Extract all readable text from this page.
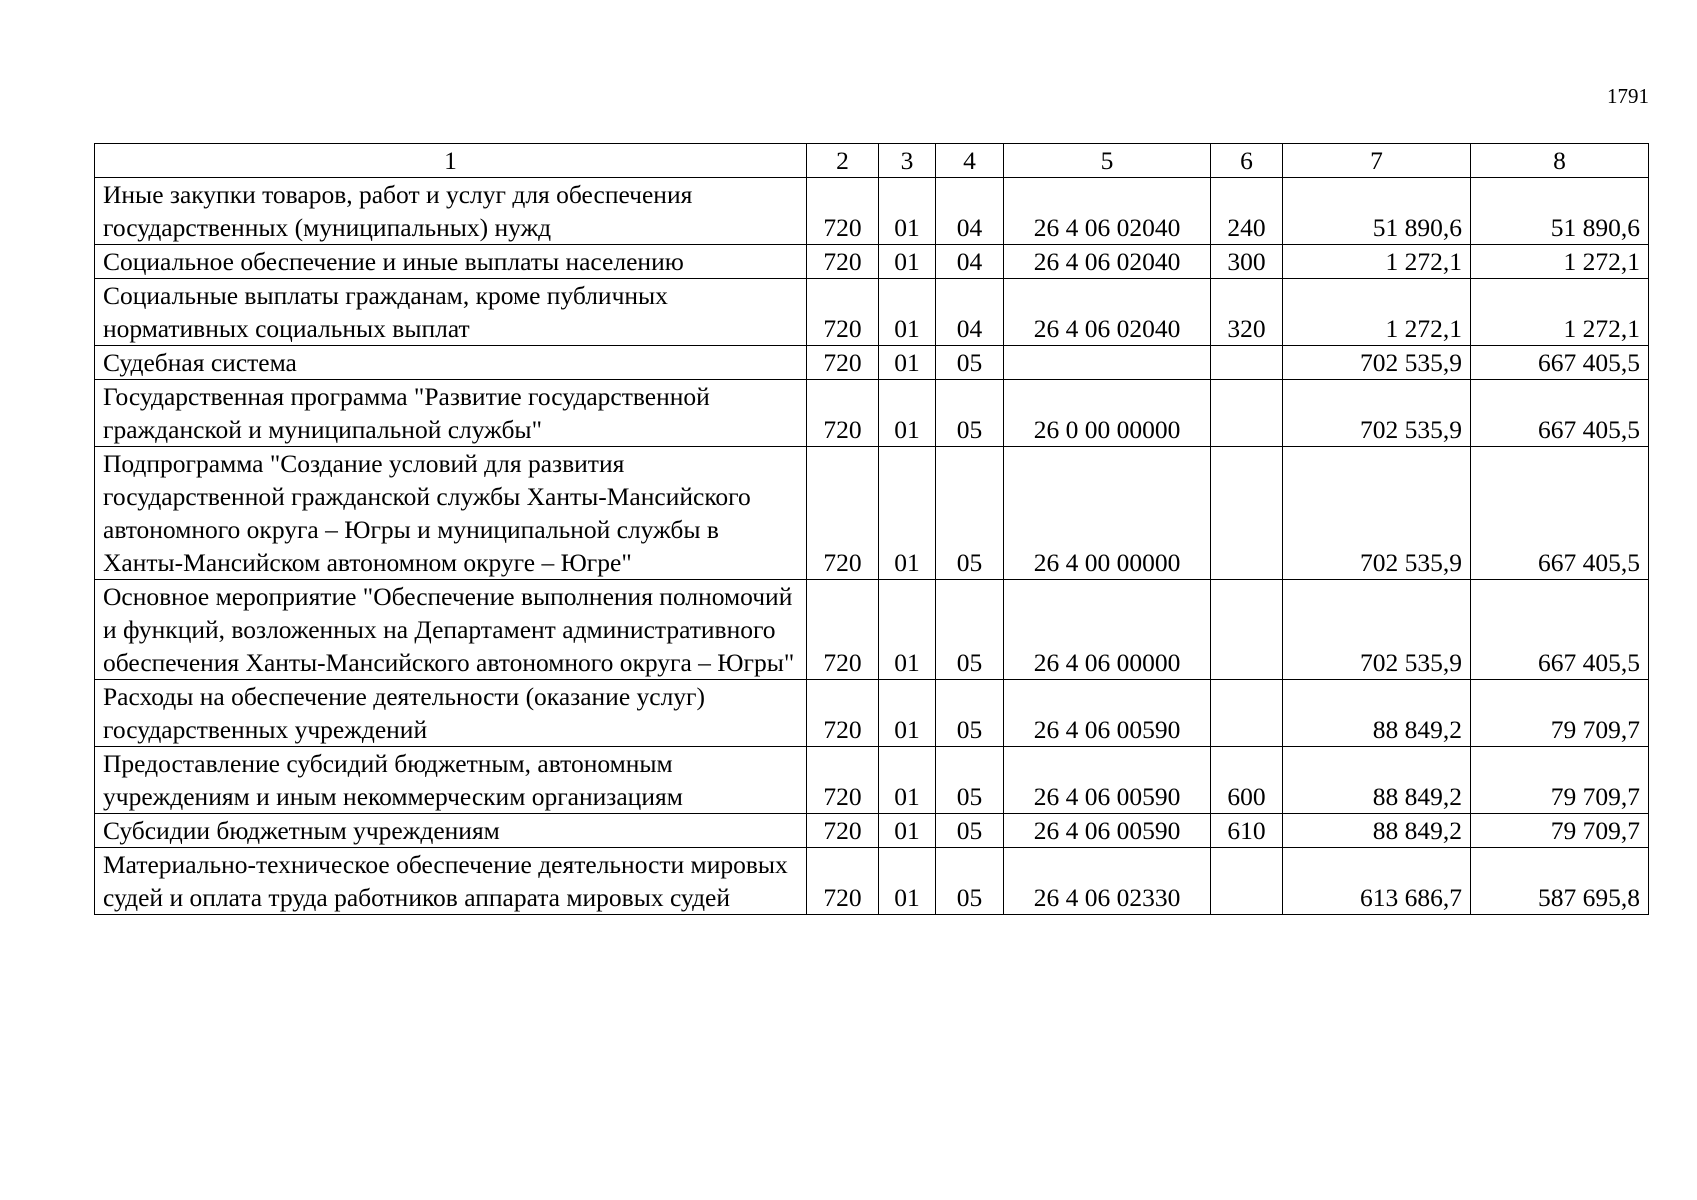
1791
1	2	3	4	5	6	7	8
Иные закупки товаров, работ и услуг для обеспечения государственных (муниципальных) нужд	720	01	04	26 4 06 02040	240	51 890,6	51 890,6
Социальное обеспечение и иные выплаты населению	720	01	04	26 4 06 02040	300	1 272,1	1 272,1
Социальные выплаты гражданам, кроме публичных нормативных социальных выплат	720	01	04	26 4 06 02040	320	1 272,1	1 272,1
Судебная система	720	01	05			702 535,9	667 405,5
Государственная программа "Развитие государственной гражданской и муниципальной службы"	720	01	05	26 0 00 00000		702 535,9	667 405,5
Подпрограмма "Создание условий для развития государственной гражданской службы Ханты-Мансийского автономного округа – Югры и муниципальной службы в Ханты-Мансийском автономном округе – Югре"	720	01	05	26 4 00 00000		702 535,9	667 405,5
Основное мероприятие "Обеспечение выполнения полномочий и функций, возложенных на Департамент административного обеспечения Ханты-Мансийского автономного округа – Югры"	720	01	05	26 4 06 00000		702 535,9	667 405,5
Расходы на обеспечение деятельности (оказание услуг) государственных учреждений	720	01	05	26 4 06 00590		88 849,2	79 709,7
Предоставление субсидий бюджетным, автономным учреждениям и иным некоммерческим организациям	720	01	05	26 4 06 00590	600	88 849,2	79 709,7
Субсидии бюджетным учреждениям	720	01	05	26 4 06 00590	610	88 849,2	79 709,7
Материально-техническое обеспечение деятельности мировых судей и оплата труда работников аппарата мировых судей	720	01	05	26 4 06 02330		613 686,7	587 695,8
